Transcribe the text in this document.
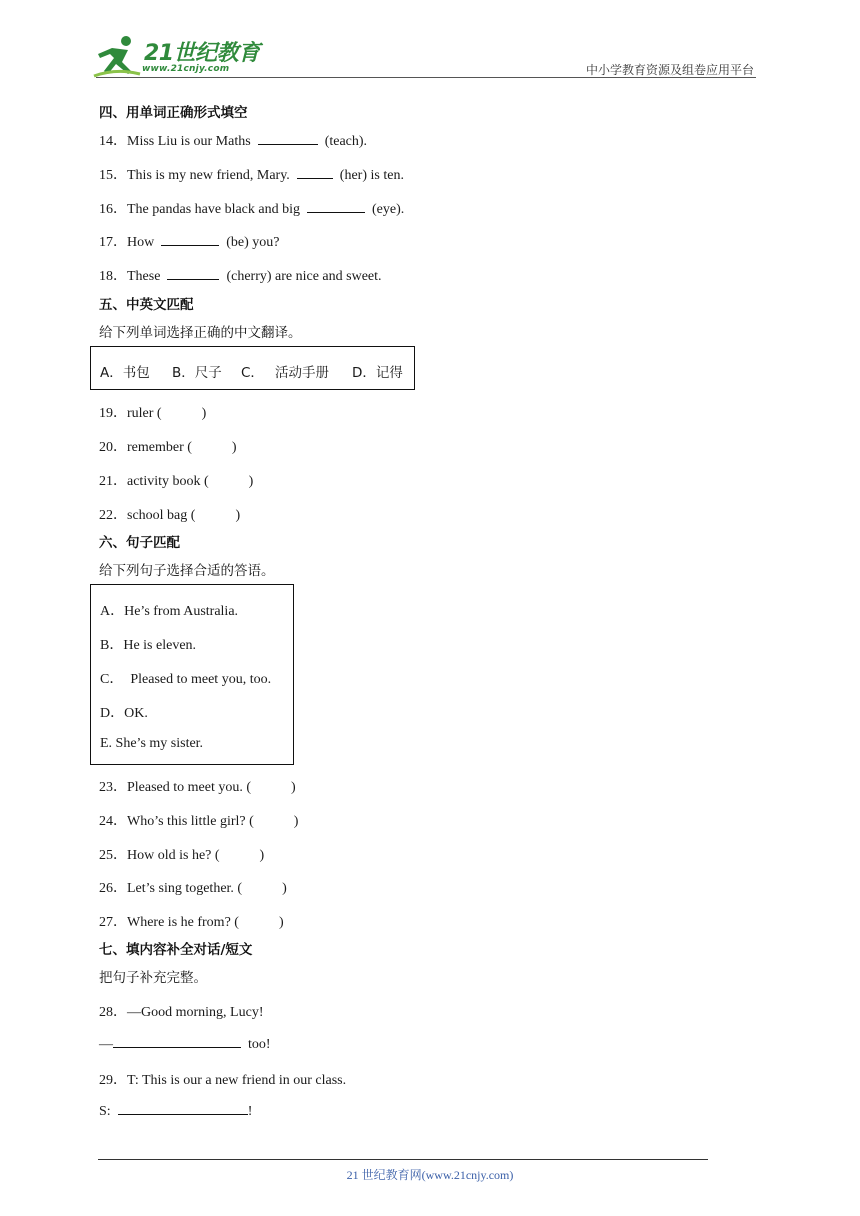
21世纪教育
www.21cnjy.com	中小学教育资源及组卷应用平台
四、用单词正确形式填空
14．Miss Liu is our Maths	(teach).
15．This is my new friend, Mary.	(her) is ten.
16．The pandas have black and big	(eye).
17．How	(be) you?
18．These	(cherry) are nice and sweet.
五、中英文匹配
给下列单词选择正确的中文翻译。
A．书包 B．尺子 C． 活动手册 D．记得
19．ruler (	)
20．remember (	)
21．activity book (	)
22．school bag (	)
六、句子匹配
给下列句子选择合适的答语。
A．He’s from Australia.
B．He is eleven.
C．  Pleased to meet you, too.
D．OK.
E. She’s my sister.
23．Pleased to meet you. (	)
24．Who’s this little girl? (	)
25．How old is he? (	)
26．Let’s sing together. (	)
27．Where is he from? (	)
七、填内容补全对话/短文
把句子补充完整。
28．—Good morning, Lucy!
—	too!
29．T: This is our a new friend in our class.
S:	!
21 世纪教育网(www.21cnjy.com)
